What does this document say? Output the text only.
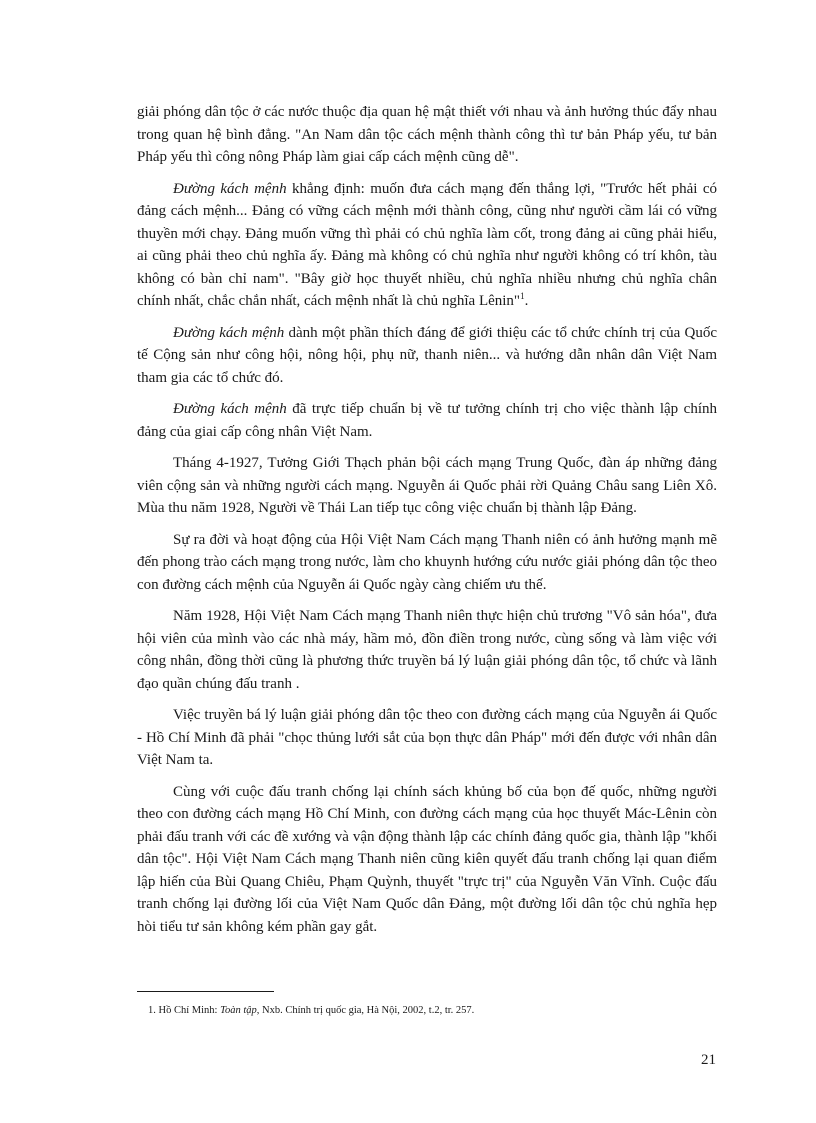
giải phóng dân tộc ở các nước thuộc địa quan hệ mật thiết với nhau và ảnh hưởng thúc đẩy nhau trong quan hệ bình đẳng. "An Nam dân tộc cách mệnh thành công thì tư bản Pháp yếu, tư bản Pháp yếu thì công nông Pháp làm giai cấp cách mệnh cũng dễ".

Đường kách mệnh khẳng định: muốn đưa cách mạng đến thắng lợi, "Trước hết phải có đảng cách mệnh... Đảng có vững cách mệnh mới thành công, cũng như người cầm lái có vững thuyền mới chạy. Đảng muốn vững thì phải có chủ nghĩa làm cốt, trong đảng ai cũng phải hiểu, ai cũng phải theo chủ nghĩa ấy. Đảng mà không có chủ nghĩa như người không có trí khôn, tàu không có bàn chỉ nam". "Bây giờ học thuyết nhiều, chủ nghĩa nhiều nhưng chủ nghĩa chân chính nhất, chắc chắn nhất, cách mệnh nhất là chủ nghĩa Lênin"$^1$.

Đường kách mệnh dành một phần thích đáng để giới thiệu các tổ chức chính trị của Quốc tế Cộng sản như công hội, nông hội, phụ nữ, thanh niên... và hướng dẫn nhân dân Việt Nam tham gia các tổ chức đó.

Đường kách mệnh đã trực tiếp chuẩn bị về tư tưởng chính trị cho việc thành lập chính đảng của giai cấp công nhân Việt Nam.

Tháng 4-1927, Tưởng Giới Thạch phản bội cách mạng Trung Quốc, đàn áp những đảng viên cộng sản và những người cách mạng. Nguyễn ái Quốc phải rời Quảng Châu sang Liên Xô. Mùa thu năm 1928, Người về Thái Lan tiếp tục công việc chuẩn bị thành lập Đảng.

Sự ra đời và hoạt động của Hội Việt Nam Cách mạng Thanh niên có ảnh hưởng mạnh mẽ đến phong trào cách mạng trong nước, làm cho khuynh hướng cứu nước giải phóng dân tộc theo con đường cách mệnh của Nguyễn ái Quốc ngày càng chiếm ưu thế.

Năm 1928, Hội Việt Nam Cách mạng Thanh niên thực hiện chủ trương "Vô sản hóa", đưa hội viên của mình vào các nhà máy, hầm mỏ, đồn điền trong nước, cùng sống và làm việc với công nhân, đồng thời cũng là phương thức truyền bá lý luận giải phóng dân tộc, tổ chức và lãnh đạo quần chúng đấu tranh .

Việc truyền bá lý luận giải phóng dân tộc theo con đường cách mạng của Nguyễn ái Quốc - Hồ Chí Minh đã phải "chọc thủng lưới sắt của bọn thực dân Pháp" mới đến được với nhân dân Việt Nam ta.

Cùng với cuộc đấu tranh chống lại chính sách khủng bố của bọn đế quốc, những người theo con đường cách mạng Hồ Chí Minh, con đường cách mạng của học thuyết Mác-Lênin còn phải đấu tranh với các đề xướng và vận động thành lập các chính đảng quốc gia, thành lập "khối dân tộc". Hội Việt Nam Cách mạng Thanh niên cũng kiên quyết đấu tranh chống lại quan điểm lập hiến của Bùi Quang Chiêu, Phạm Quỳnh, thuyết "trực trị" của Nguyễn Văn Vĩnh. Cuộc đấu tranh chống lại đường lối của Việt Nam Quốc dân Đảng, một đường lối dân tộc chủ nghĩa hẹp hòi tiểu tư sản không kém phần gay gắt.

1. Hồ Chí Minh: Toàn tập, Nxb. Chính trị quốc gia, Hà Nội, 2002, t.2, tr. 257.
21
